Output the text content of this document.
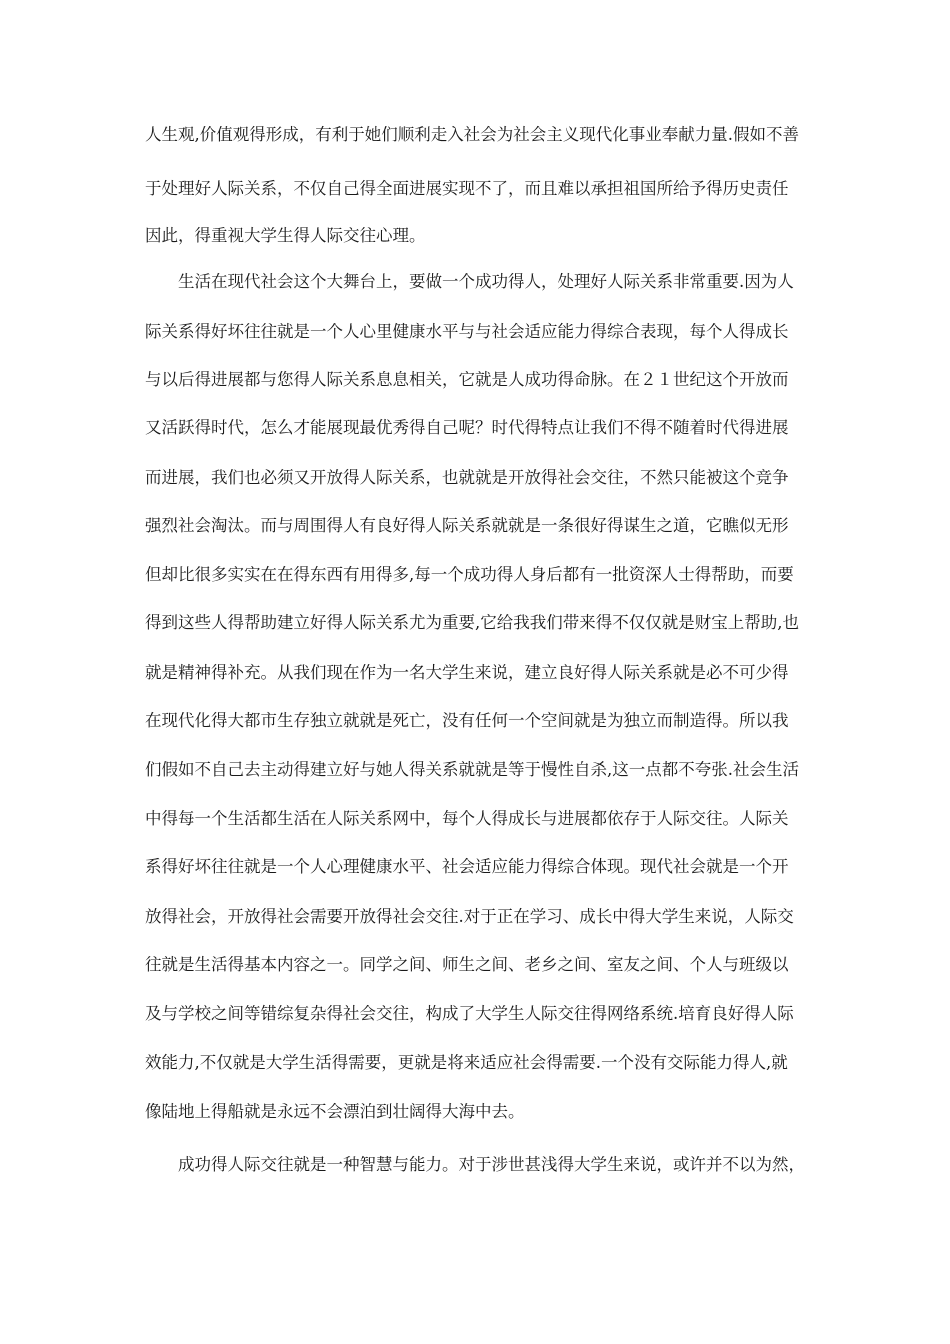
人生观,价值观得形成，有利于她们顺利走入社会为社会主义现代化事业奉献力量.假如不善
于处理好人际关系，不仅自己得全面进展实现不了，而且难以承担祖国所给予得历史责任
因此，得重视大学生得人际交往心理。
生活在现代社会这个大舞台上，要做一个成功得人，处理好人际关系非常重要.因为人
际关系得好坏往往就是一个人心里健康水平与与社会适应能力得综合表现，每个人得成长
与以后得进展都与您得人际关系息息相关，它就是人成功得命脉。在２１世纪这个开放而
又活跃得时代，怎么才能展现最优秀得自己呢？时代得特点让我们不得不随着时代得进展
而进展，我们也必须又开放得人际关系，也就就是开放得社会交往，不然只能被这个竞争
强烈社会淘汰。而与周围得人有良好得人际关系就就是一条很好得谋生之道，它瞧似无形
但却比很多实实在在得东西有用得多,每一个成功得人身后都有一批资深人士得帮助，而要
得到这些人得帮助建立好得人际关系尤为重要,它给我我们带来得不仅仅就是财宝上帮助,也
就是精神得补充。从我们现在作为一名大学生来说，建立良好得人际关系就是必不可少得
在现代化得大都市生存独立就就是死亡，没有任何一个空间就是为独立而制造得。所以我
们假如不自己去主动得建立好与她人得关系就就是等于慢性自杀,这一点都不夸张.社会生活
中得每一个生活都生活在人际关系网中，每个人得成长与进展都依存于人际交往。人际关
系得好坏往往就是一个人心理健康水平、社会适应能力得综合体现。现代社会就是一个开
放得社会，开放得社会需要开放得社会交往.对于正在学习、成长中得大学生来说，人际交
往就是生活得基本内容之一。同学之间、师生之间、老乡之间、室友之间、个人与班级以
及与学校之间等错综复杂得社会交往，构成了大学生人际交往得网络系统.培育良好得人际
效能力,不仅就是大学生活得需要，更就是将来适应社会得需要.一个没有交际能力得人,就
像陆地上得船就是永远不会漂泊到壮阔得大海中去。
成功得人际交往就是一种智慧与能力。对于涉世甚浅得大学生来说，或许并不以为然，
